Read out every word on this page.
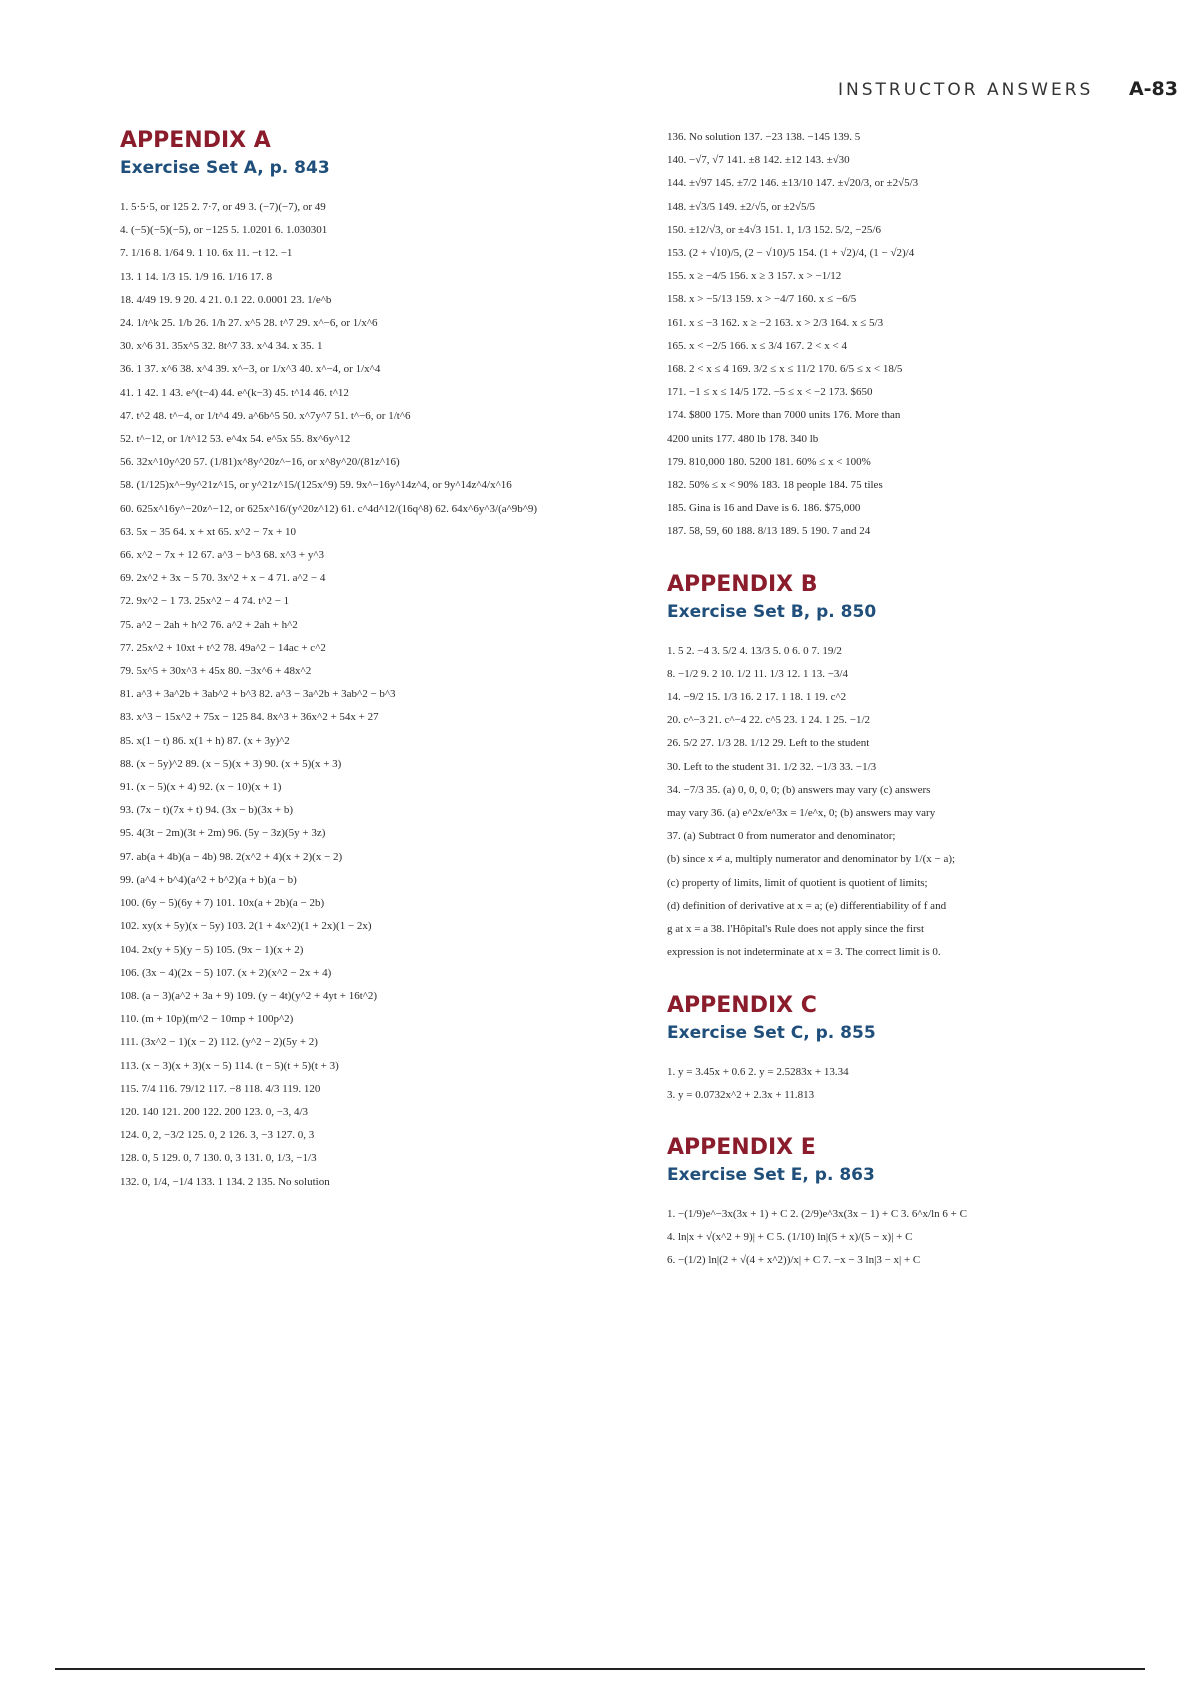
INSTRUCTOR ANSWERS A-83
APPENDIX A
Exercise Set A, p. 843
1. 5·5·5, or 125 2. 7·7, or 49 3. (−7)(−7), or 49
4. (−5)(−5)(−5), or −125 5. 1.0201 6. 1.030301
7. 1/16 8. 1/64 9. 1 10. 6x 11. −t 12. −1
13. 1 14. 1/3 15. 1/9 16. 1/16 17. 8
18. 4/49 19. 9 20. 4 21. 0.1 22. 0.0001 23. 1/e^b
24. 1/t^k 25. 1/b 26. 1/h 27. x^5 28. t^7 29. x^−6, or 1/x^6
30. x^6 31. 35x^5 32. 8t^7 33. x^4 34. x 35. 1
36. 1 37. x^6 38. x^4 39. x^−3, or 1/x^3 40. x^−4, or 1/x^4
41. 1 42. 1 43. e^(t−4) 44. e^(k−3) 45. t^14 46. t^12
47. t^2 48. t^−4, or 1/t^4 49. a^6b^5 50. x^7y^7 51. t^−6, or 1/t^6
52. t^−12, or 1/t^12 53. e^4x 54. e^5x 55. 8x^6y^12
56. 32x^10y^20 57. (1/81)x^8y^20z^−16, or x^8y^20/(81z^16)
58. (1/125)x^−9y^21z^15, or y^21z^15/(125x^9) 59. 9x^−16y^14z^4, or 9y^14z^4/x^16
60. 625x^16y^−20z^−12, or 625x^16/(y^20z^12) 61. c^4d^12/(16q^8) 62. 64x^6y^3/(a^9b^9)
63. 5x − 35 64. x + xt 65. x^2 − 7x + 10
66. x^2 − 7x + 12 67. a^3 − b^3 68. x^3 + y^3
69. 2x^2 + 3x − 5 70. 3x^2 + x − 4 71. a^2 − 4
72. 9x^2 − 1 73. 25x^2 − 4 74. t^2 − 1
75. a^2 − 2ah + h^2 76. a^2 + 2ah + h^2
77. 25x^2 + 10xt + t^2 78. 49a^2 − 14ac + c^2
79. 5x^5 + 30x^3 + 45x 80. −3x^6 + 48x^2
81. a^3 + 3a^2b + 3ab^2 + b^3 82. a^3 − 3a^2b + 3ab^2 − b^3
83. x^3 − 15x^2 + 75x − 125 84. 8x^3 + 36x^2 + 54x + 27
85. x(1 − t) 86. x(1 + h) 87. (x + 3y)^2
88. (x − 5y)^2 89. (x − 5)(x + 3) 90. (x + 5)(x + 3)
91. (x − 5)(x + 4) 92. (x − 10)(x + 1)
93. (7x − t)(7x + t) 94. (3x − b)(3x + b)
95. 4(3t − 2m)(3t + 2m) 96. (5y − 3z)(5y + 3z)
97. ab(a + 4b)(a − 4b) 98. 2(x^2 + 4)(x + 2)(x − 2)
99. (a^4 + b^4)(a^2 + b^2)(a + b)(a − b)
100. (6y − 5)(6y + 7) 101. 10x(a + 2b)(a − 2b)
102. xy(x + 5y)(x − 5y) 103. 2(1 + 4x^2)(1 + 2x)(1 − 2x)
104. 2x(y + 5)(y − 5) 105. (9x − 1)(x + 2)
106. (3x − 4)(2x − 5) 107. (x + 2)(x^2 − 2x + 4)
108. (a − 3)(a^2 + 3a + 9) 109. (y − 4t)(y^2 + 4yt + 16t^2)
110. (m + 10p)(m^2 − 10mp + 100p^2)
111. (3x^2 − 1)(x − 2) 112. (y^2 − 2)(5y + 2)
113. (x − 3)(x + 3)(x − 5) 114. (t − 5)(t + 5)(t + 3)
115. 7/4 116. 79/12 117. −8 118. 4/3 119. 120
120. 140 121. 200 122. 200 123. 0, −3, 4/3
124. 0, 2, −3/2 125. 0, 2 126. 3, −3 127. 0, 3
128. 0, 5 129. 0, 7 130. 0, 3 131. 0, 1/3, −1/3
132. 0, 1/4, −1/4 133. 1 134. 2 135. No solution
136. No solution 137. −23 138. −145 139. 5
140. −√7, √7 141. ±8 142. ±12 143. ±√30
144. ±√97 145. ±7/2 146. ±13/10 147. ±√20/3, or ±2√5/3
148. ±√3/5 149. ±2/√5, or ±2√5/5
150. ±12/√3, or ±4√3 151. 1, 1/3 152. 5/2, −25/6
153. (2 + √10)/5, (2 − √10)/5 154. (1 + √2)/4, (1 − √2)/4
155. x ≥ −4/5 156. x ≥ 3 157. x > −1/12
158. x > −5/13 159. x > −4/7 160. x ≤ −6/5
161. x ≤ −3 162. x ≥ −2 163. x > 2/3 164. x ≤ 5/3
165. x < −2/5 166. x ≤ 3/4 167. 2 < x < 4
168. 2 < x ≤ 4 169. 3/2 ≤ x ≤ 11/2 170. 6/5 ≤ x < 18/5
171. −1 ≤ x ≤ 14/5 172. −5 ≤ x < −2 173. $650
174. $800 175. More than 7000 units 176. More than
4200 units 177. 480 lb 178. 340 lb
179. 810,000 180. 5200 181. 60% ≤ x < 100%
182. 50% ≤ x < 90% 183. 18 people 184. 75 tiles
185. Gina is 16 and Dave is 6. 186. $75,000
187. 58, 59, 60 188. 8/13 189. 5 190. 7 and 24
APPENDIX B
Exercise Set B, p. 850
1. 5 2. −4 3. 5/2 4. 13/3 5. 0 6. 0 7. 19/2
8. −1/2 9. 2 10. 1/2 11. 1/3 12. 1 13. −3/4
14. −9/2 15. 1/3 16. 2 17. 1 18. 1 19. c^2
20. c^−3 21. c^−4 22. c^5 23. 1 24. 1 25. −1/2
26. 5/2 27. 1/3 28. 1/12 29. Left to the student
30. Left to the student 31. 1/2 32. −1/3 33. −1/3
34. −7/3 35. (a) 0, 0, 0, 0; (b) answers may vary (c) answers
may vary 36. (a) e^2x/e^3x = 1/e^x, 0; (b) answers may vary
37. (a) Subtract 0 from numerator and denominator;
(b) since x ≠ a, multiply numerator and denominator by 1/(x − a);
(c) property of limits, limit of quotient is quotient of limits;
(d) definition of derivative at x = a; (e) differentiability of f and
g at x = a 38. l'Hôpital's Rule does not apply since the first
expression is not indeterminate at x = 3. The correct limit is 0.
APPENDIX C
Exercise Set C, p. 855
1. y = 3.45x + 0.6 2. y = 2.5283x + 13.34
3. y = 0.0732x^2 + 2.3x + 11.813
APPENDIX E
Exercise Set E, p. 863
1. −(1/9)e^−3x(3x + 1) + C 2. (2/9)e^3x(3x − 1) + C 3. 6^x/ln 6 + C
4. ln|x + √(x^2 + 9)| + C 5. (1/10) ln|(5 + x)/(5 − x)| + C
6. −(1/2) ln|(2 + √(4 + x^2))/x| + C 7. −x − 3 ln|3 − x| + C
